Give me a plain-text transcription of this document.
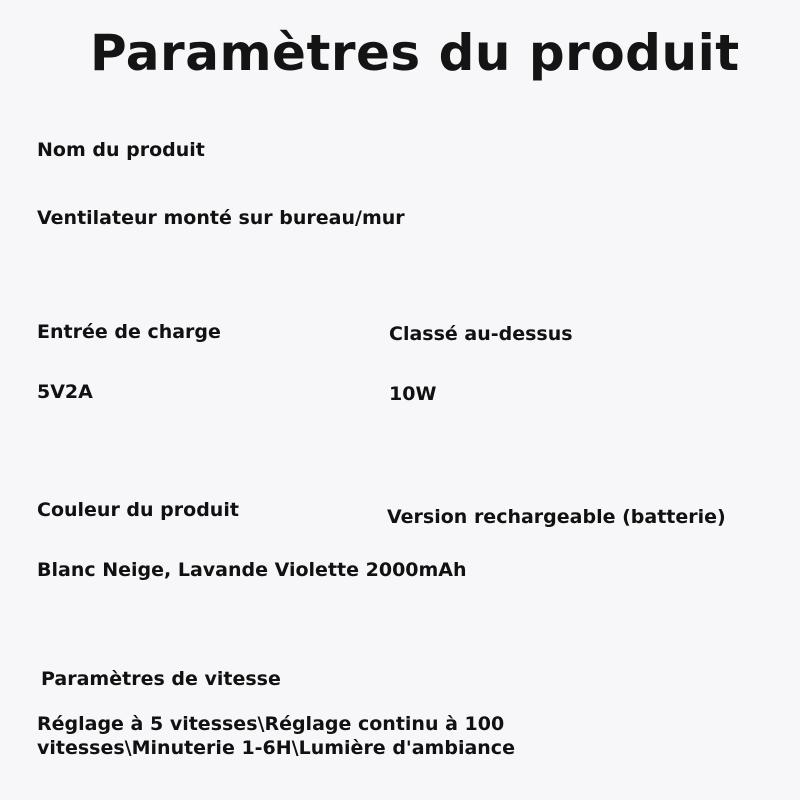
Paramètres du produit
Nom du produit
Ventilateur monté sur bureau/mur
Entrée de charge
5V2A
Classé au-dessus
10W
Couleur du produit	Version rechargeable (batterie)
Blanc Neige, Lavande Violette 2000mAh
Paramètres de vitesse
Réglage à 5 vitesses\Réglage continu à 100 vitesses\Minuterie 1-6H\Lumière d'ambiance
